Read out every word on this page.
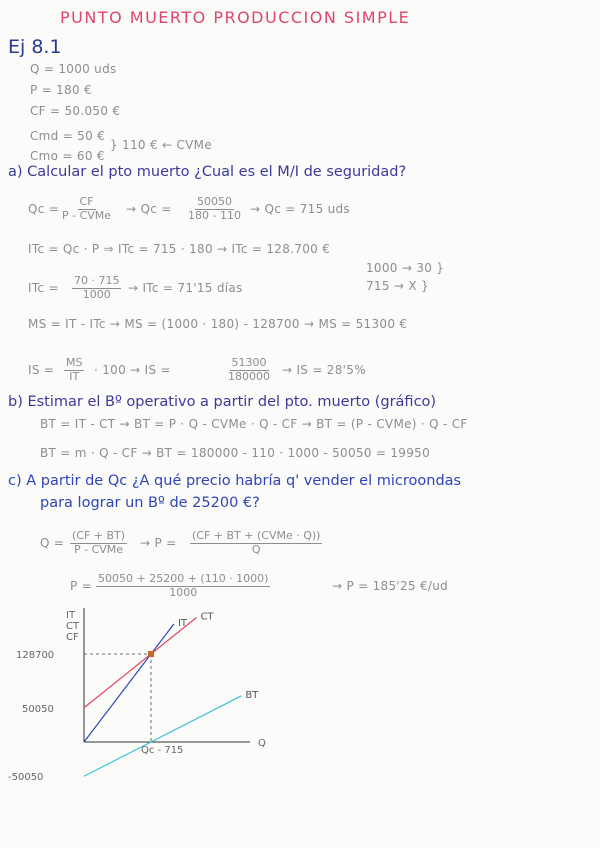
PUNTO MUERTO PRODUCCION SIMPLE
Ej 8.1
Q = 1000 uds
P = 180 €
CF = 50.050 €
Cmd = 50 €
Cmo = 60 €
} 110 € ← CVMe
a) Calcular el pto muerto ¿Cual es el M/I de seguridad?
Qc =
CF
P - CVMe → $Qc = \frac{50050}{180 - 110} \to Qc = 715$ uds
ITc = Qc · P ⇒ ITc = 715 · 180 → ITc = 128.700 €
ITc = $\frac{70 \cdot 715}{1000}$ → ITc = 71'15 días
1000 → 30 }
715 → X }
MS = IT - ITc → MS = (1000 · 180) - 128700 → MS = 51300 €
IS = $\frac{MS}{IT} \cdot 100$ → IS =	$\frac{51300}{180000}$ → IS = 28'5%
b) Estimar el Bº operativo a partir del pto. muerto (gráfico)
BT = IT - CT → BT = P · Q - CVMe · Q - CF → BT = (P - CVMe) · Q - CF
BT = m · Q - CF → BT = 180000 - 110 · 1000 - 50050 = 19950
c) A partir de Qc ¿A qué precio habría q' vender el microondas
para lograr un Bº de 25200 €?
Q =
(CF + BT)
P - CVMe → P =
(CF + BT + (CVMe · Q))
Q
$P = \frac{50050 + 25200 + (110 \cdot 1000)}{1000}$	→ P = 185'25 €/ud
IT
CT
CF
Q
IT
CT
BT
128700
50050
-50050
Qc - 715
